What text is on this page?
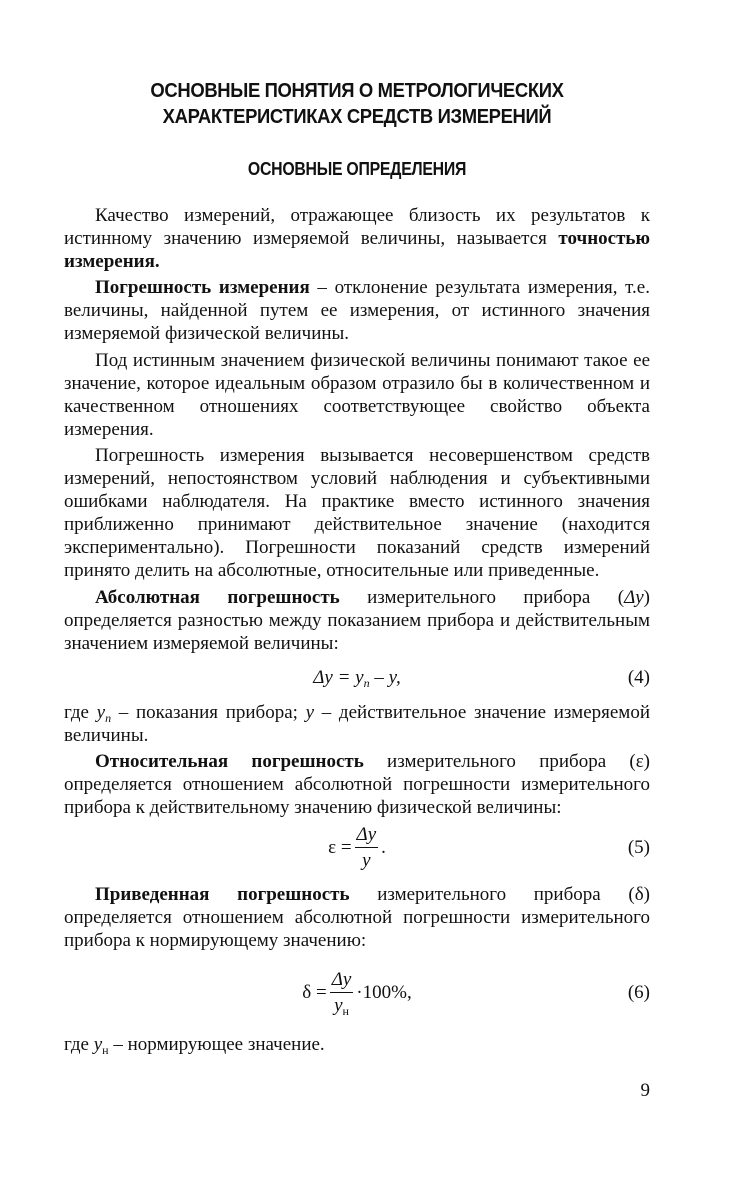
ОСНОВНЫЕ ПОНЯТИЯ О МЕТРОЛОГИЧЕСКИХ
ХАРАКТЕРИСТИКАХ СРЕДСТВ ИЗМЕРЕНИЙ
ОСНОВНЫЕ ОПРЕДЕЛЕНИЯ

Качество измерений, отражающее близость их результатов к истинному значению измеряемой величины, называется точностью измерения.

Погрешность измерения – отклонение результата измерения, т.е. величины, найденной путем ее измерения, от истинного значения измеряемой физической величины.

Под истинным значением физической величины понимают такое ее значение, которое идеальным образом отразило бы в количественном и качественном отношениях соответствующее свойство объекта измерения.

Погрешность измерения вызывается несовершенством средств измерений, непостоянством условий наблюдения и субъективными ошибками наблюдателя. На практике вместо истинного значения приближенно принимают действительное значение (находится экспериментально). Погрешности показаний средств измерений принято делить на абсолютные, относительные или приведенные.

Абсолютная погрешность измерительного прибора (Δy) определяется разностью между показанием прибора и действительным значением измеряемой величины:

$\Delta y = y_п - y$,	(4)

где $y_п$ – показания прибора; y – действительное значение измеряемой величины.

Относительная погрешность измерительного прибора (ε) определяется отношением абсолютной погрешности измерительного прибора к действительному значению физической величины:

$\varepsilon = \frac{\Delta y}{y}$ .	(5)

Приведенная погрешность измерительного прибора (δ) определяется отношением абсолютной погрешности измерительного прибора к нормирующему значению:

$\delta = \frac{\Delta y}{y_н} \cdot 100\%$,	(6)

где $y_н$ – нормирующее значение.

9
